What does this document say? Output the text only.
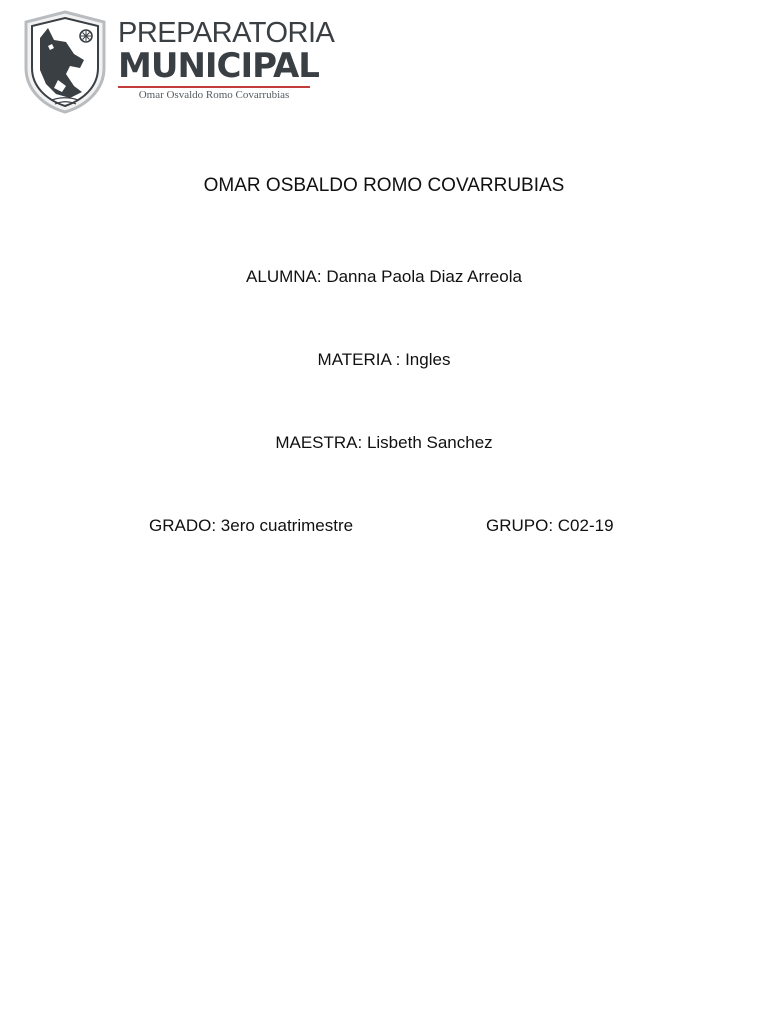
PREPARATORIA
MUNICIPAL
Omar Osvaldo Romo Covarrubias
OMAR OSBALDO ROMO COVARRUBIAS
ALUMNA: Danna Paola Diaz Arreola
MATERIA : Ingles
MAESTRA: Lisbeth Sanchez
GRADO: 3ero cuatrimestre	GRUPO: C02-19
